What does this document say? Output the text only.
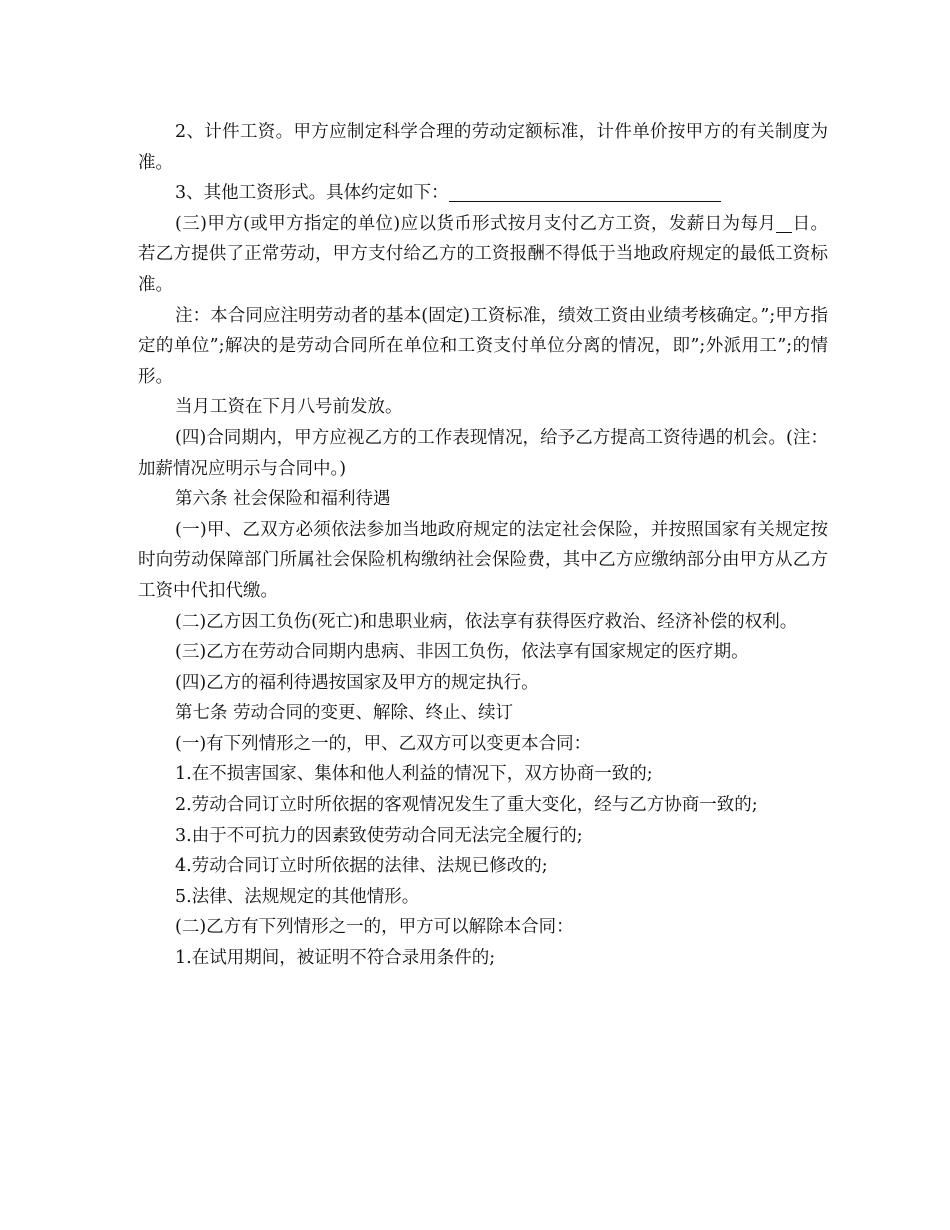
2、计件工资。甲方应制定科学合理的劳动定额标准，计件单价按甲方的有关制度为准。

3、其他工资形式。具体约定如下：

(三)甲方(或甲方指定的单位)应以货币形式按月支付乙方工资，发薪日为每月 日。若乙方提供了正常劳动，甲方支付给乙方的工资报酬不得低于当地政府规定的最低工资标准。

注：本合同应注明劳动者的基本(固定)工资标准，绩效工资由业绩考核确定。”;甲方指定的单位”;解决的是劳动合同所在单位和工资支付单位分离的情况，即”;外派用工”;的情形。

当月工资在下月八号前发放。

(四)合同期内，甲方应视乙方的工作表现情况，给予乙方提高工资待遇的机会。(注：加薪情况应明示与合同中。)

第六条 社会保险和福利待遇

(一)甲、乙双方必须依法参加当地政府规定的法定社会保险，并按照国家有关规定按时向劳动保障部门所属社会保险机构缴纳社会保险费，其中乙方应缴纳部分由甲方从乙方工资中代扣代缴。

(二)乙方因工负伤(死亡)和患职业病，依法享有获得医疗救治、经济补偿的权利。

(三)乙方在劳动合同期内患病、非因工负伤，依法享有国家规定的医疗期。

(四)乙方的福利待遇按国家及甲方的规定执行。

第七条 劳动合同的变更、解除、终止、续订

(一)有下列情形之一的，甲、乙双方可以变更本合同：

1.在不损害国家、集体和他人利益的情况下，双方协商一致的;

2.劳动合同订立时所依据的客观情况发生了重大变化，经与乙方协商一致的;

3.由于不可抗力的因素致使劳动合同无法完全履行的;

4.劳动合同订立时所依据的法律、法规已修改的;

5.法律、法规规定的其他情形。

(二)乙方有下列情形之一的，甲方可以解除本合同：

1.在试用期间，被证明不符合录用条件的;
